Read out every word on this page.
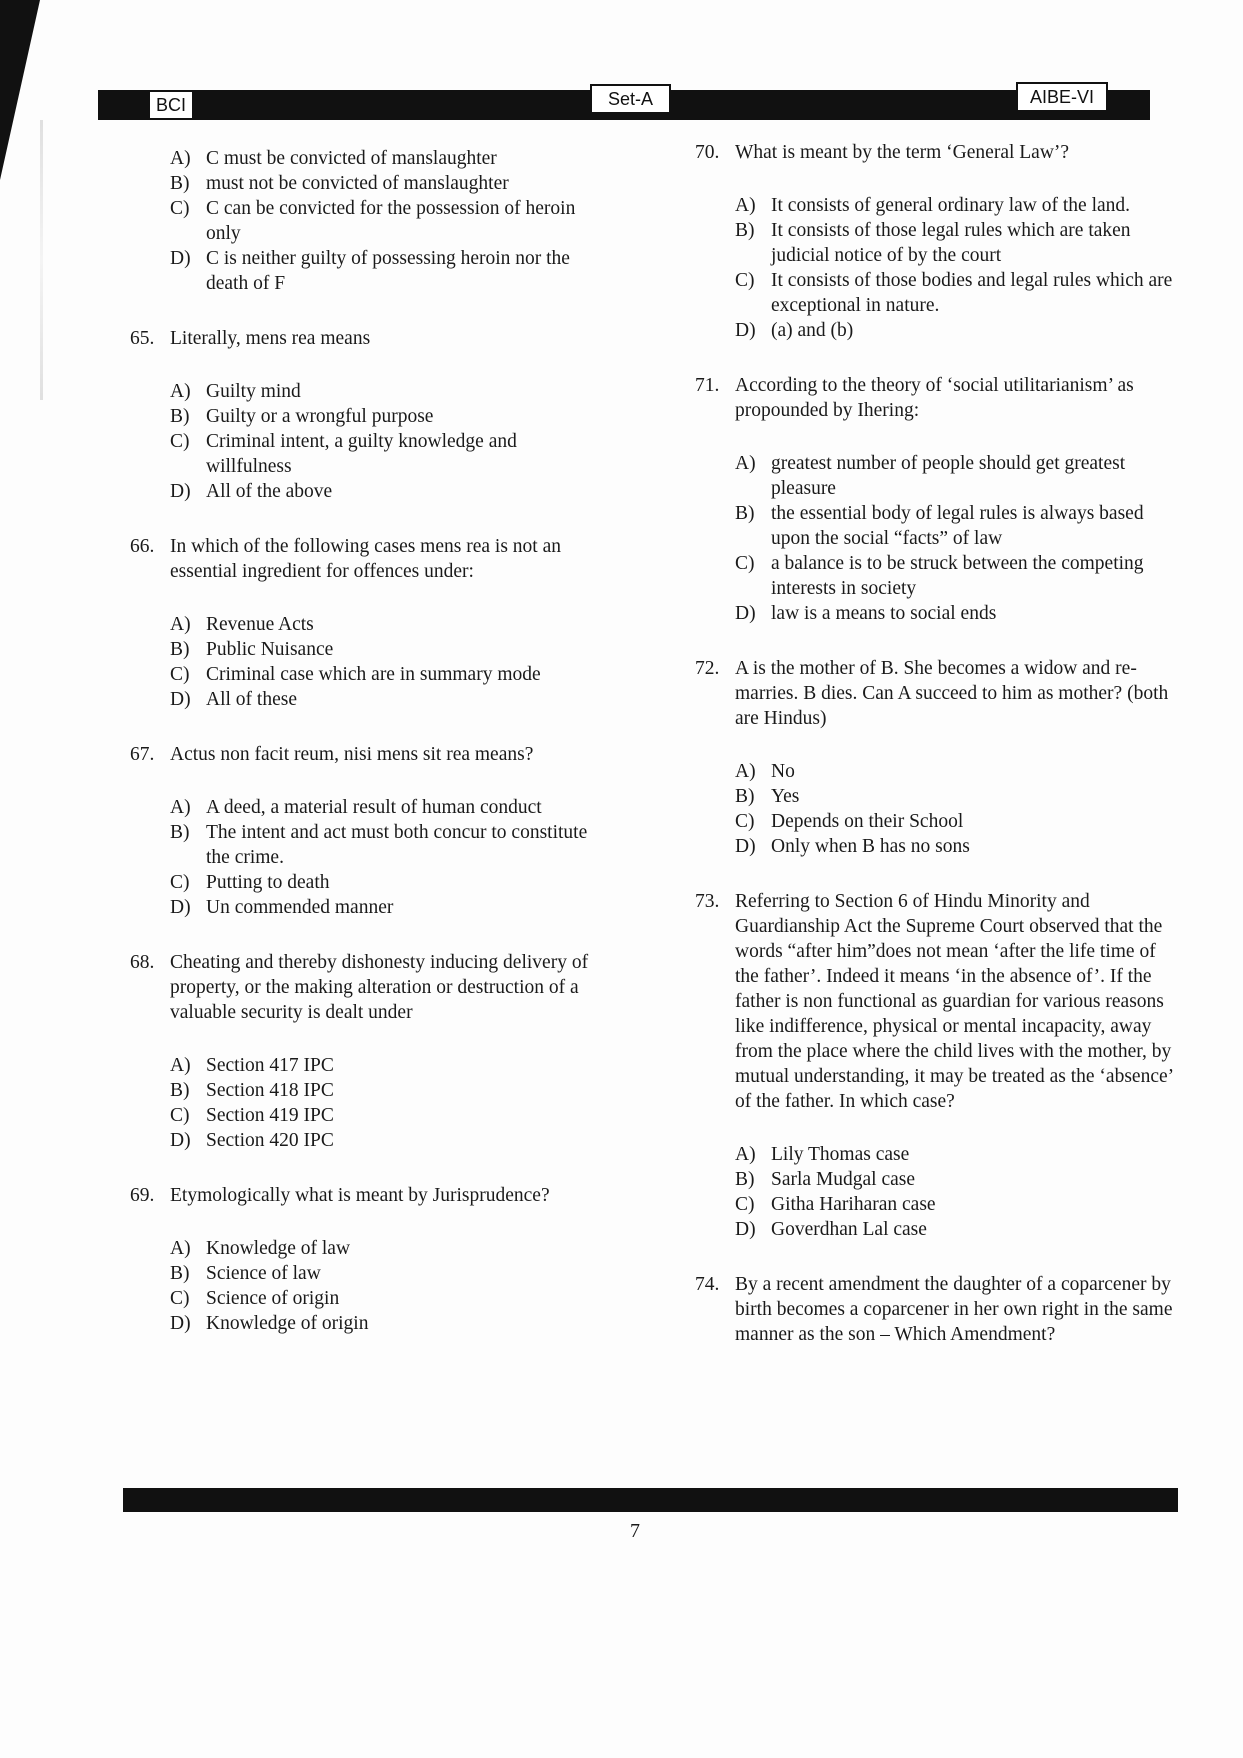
BCI	Set-A	AIBE-VI
A) C must be convicted of manslaughter
B) must not be convicted of manslaughter
C) C can be convicted for the possession of heroin only
D) C is neither guilty of possessing heroin nor the death of F
65. Literally, mens rea means
A) Guilty mind
B) Guilty or a wrongful purpose
C) Criminal intent, a guilty knowledge and willfulness
D) All of the above
66. In which of the following cases mens rea is not an essential ingredient for offences under:
A) Revenue Acts
B) Public Nuisance
C) Criminal case which are in summary mode
D) All of these
67. Actus non facit reum, nisi mens sit rea means?
A) A deed, a material result of human conduct
B) The intent and act must both concur to constitute the crime.
C) Putting to death
D) Un commended manner
68. Cheating and thereby dishonesty inducing delivery of property, or the making alteration or destruction of a valuable security is dealt under
A) Section 417 IPC
B) Section 418 IPC
C) Section 419 IPC
D) Section 420 IPC
69. Etymologically what is meant by Jurisprudence?
A) Knowledge of law
B) Science of law
C) Science of origin
D) Knowledge of origin
70. What is meant by the term ‘General Law’?
A) It consists of general ordinary law of the land.
B) It consists of those legal rules which are taken judicial notice of by the court
C) It consists of those bodies and legal rules which are exceptional in nature.
D) (a) and (b)
71. According to the theory of ‘social utilitarianism’ as propounded by Ihering:
A) greatest number of people should get greatest pleasure
B) the essential body of legal rules is always based upon the social “facts” of law
C) a balance is to be struck between the competing interests in society
D) law is a means to social ends
72. A is the mother of B. She becomes a widow and re- marries. B dies. Can A succeed to him as mother? (both are Hindus)
A) No
B) Yes
C) Depends on their School
D) Only when B has no sons
73. Referring to Section 6 of Hindu Minority and Guardianship Act the Supreme Court observed that the words “after him”does not mean ‘after the life time of the father’. Indeed it means ‘in the absence of’. If the father is non functional as guardian for various reasons like indifference, physical or mental incapacity, away from the place where the child lives with the mother, by mutual understanding, it may be treated as the ‘absence’ of the father. In which case?
A) Lily Thomas case
B) Sarla Mudgal case
C) Githa Hariharan case
D) Goverdhan Lal case
74. By a recent amendment the daughter of a coparcener by birth becomes a coparcener in her own right in the same manner as the son – Which Amendment?
7
